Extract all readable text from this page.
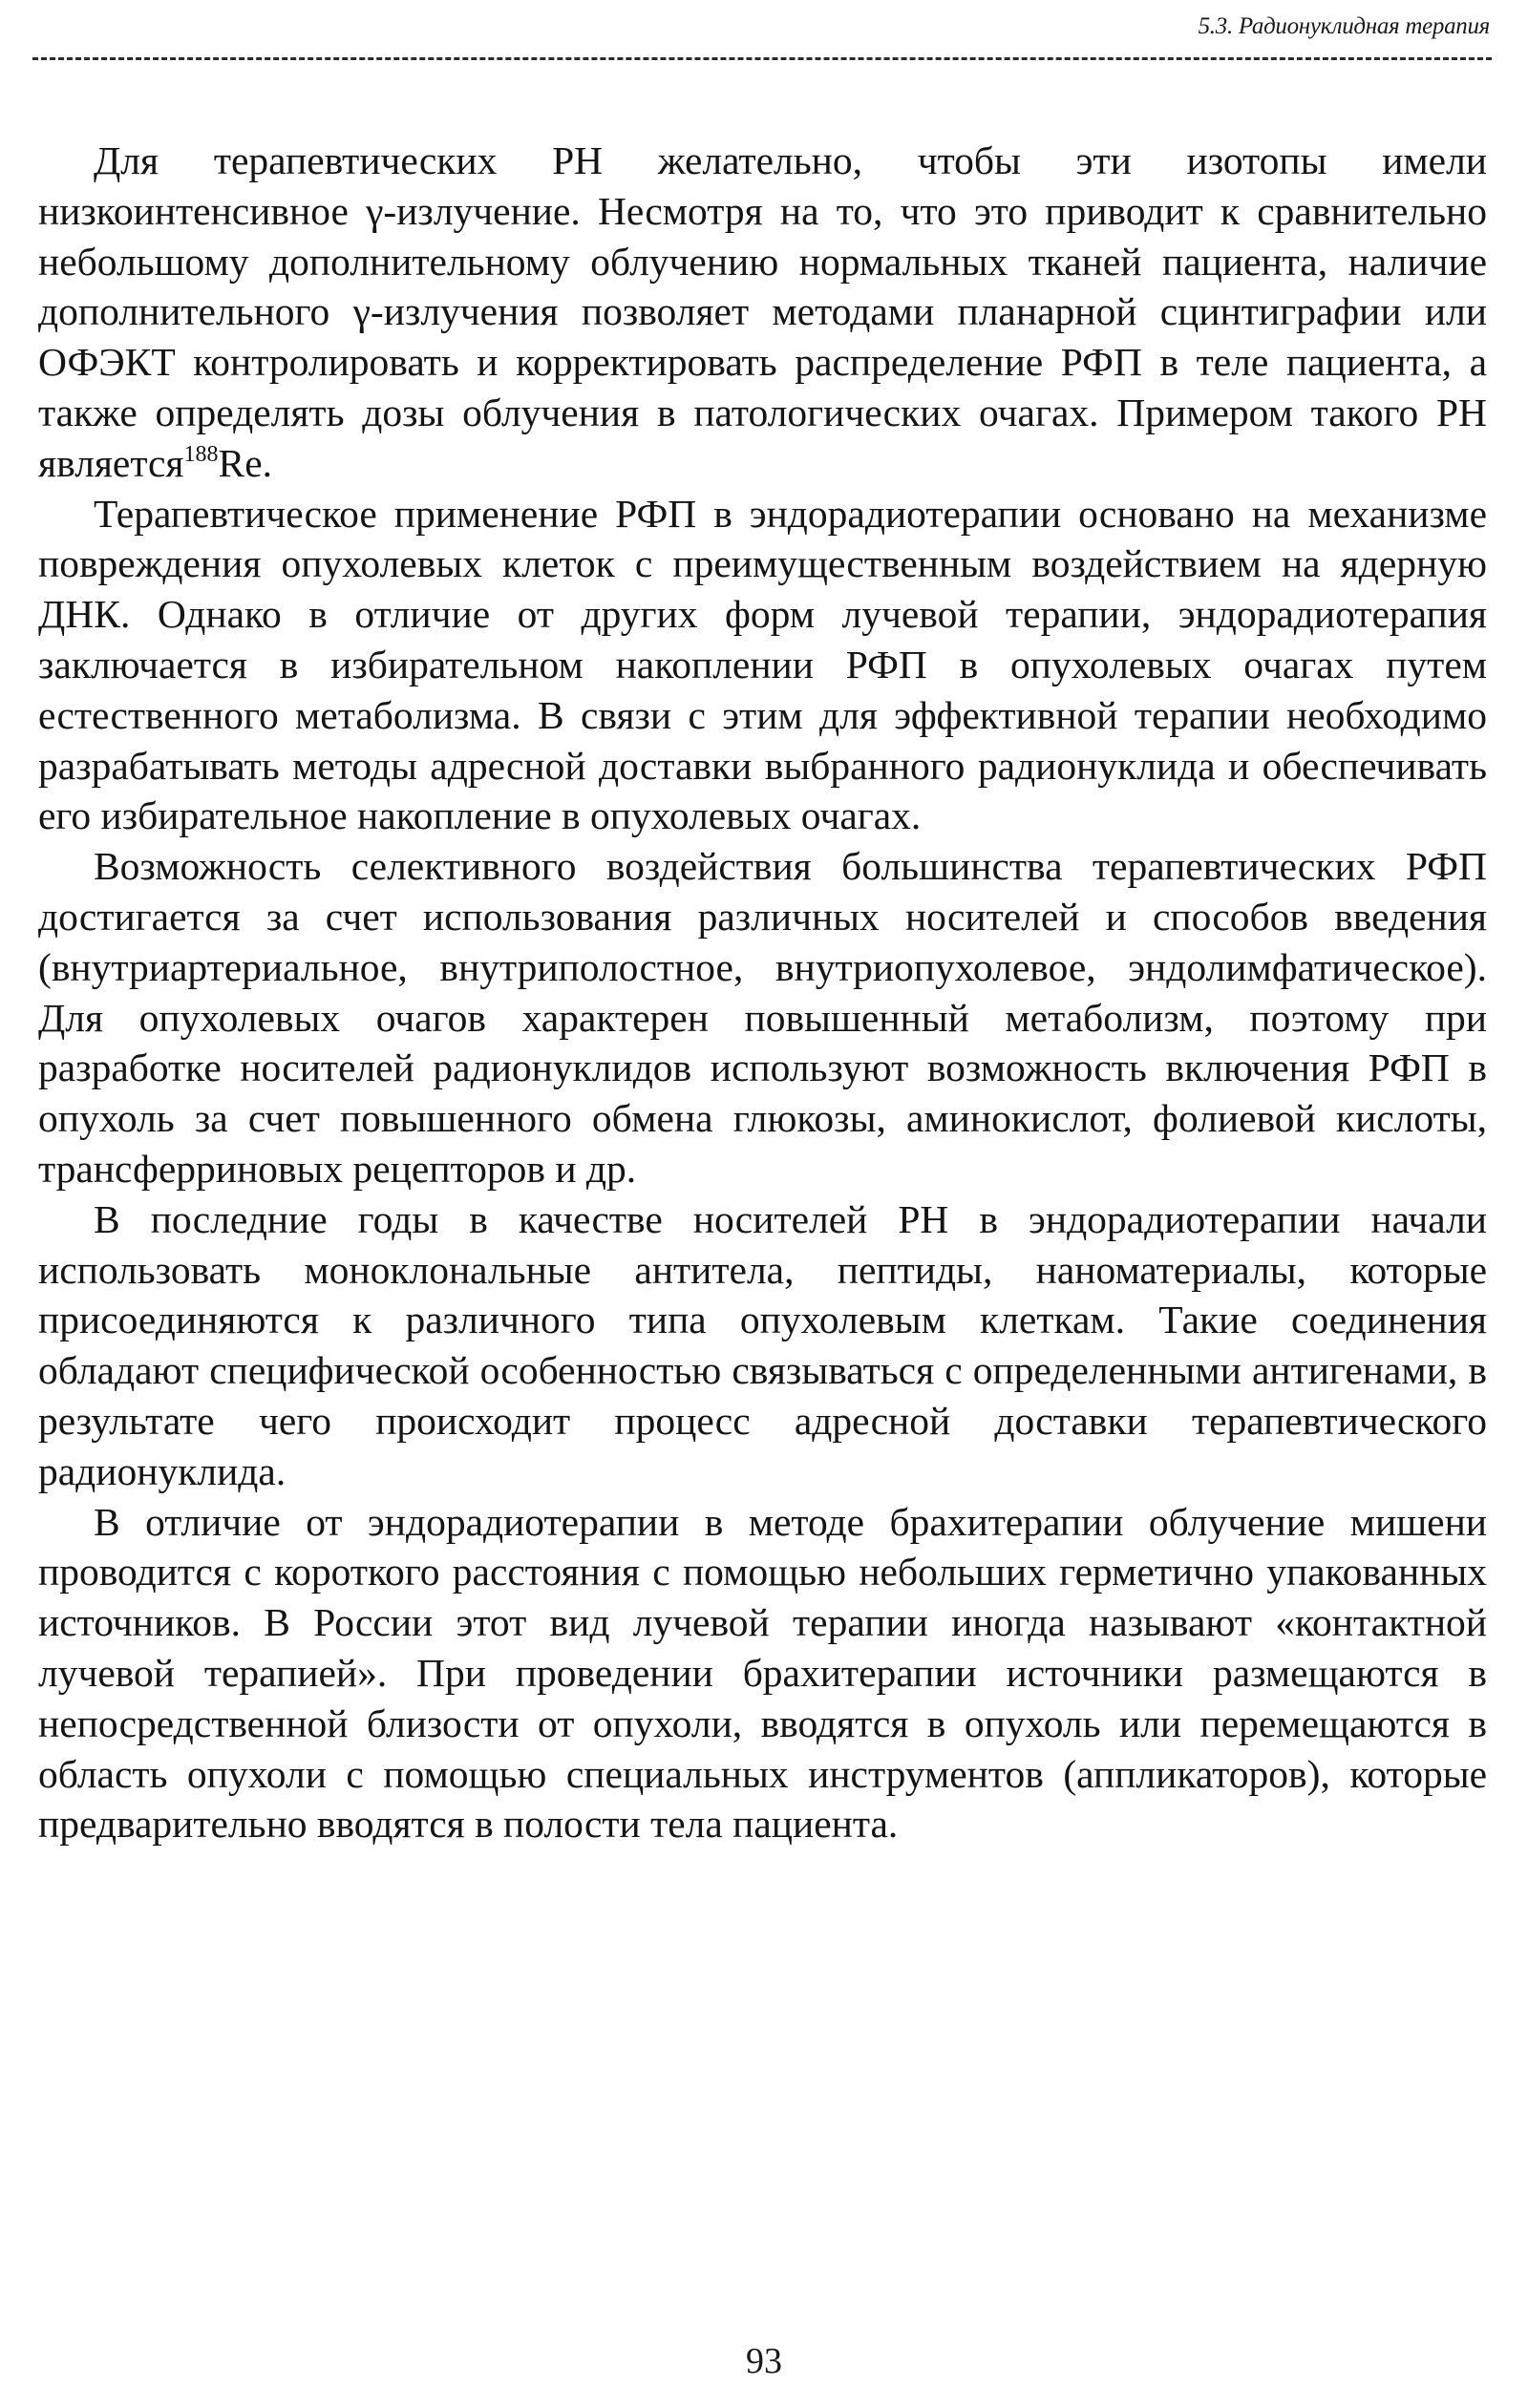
5.3. Радионуклидная терапия

Для терапевтических РН желательно, чтобы эти изотопы имели низкоинтенсивное γ-излучение. Несмотря на то, что это приводит к сравнительно небольшому дополнительному облучению нормальных тканей пациента, наличие дополнительного γ-излучения позволяет методами планарной сцинтиграфии или ОФЭКТ контролировать и корректировать распределение РФП в теле пациента, а также определять дозы облучения в патологических очагах. Примером такого РН является$^{188}$Re.

Терапевтическое применение РФП в эндорадиотерапии основано на механизме повреждения опухолевых клеток с преимущественным воздействием на ядерную ДНК. Однако в отличие от других форм лучевой терапии, эндорадиотерапия заключается в избирательном накоплении РФП в опухолевых очагах путем естественного метаболизма. В связи с этим для эффективной терапии необходимо разрабатывать методы адресной доставки выбранного радионуклида и обеспечивать его избирательное накопление в опухолевых очагах.

Возможность селективного воздействия большинства терапевтических РФП достигается за счет использования различных носителей и способов введения (внутриартериальное, внутриполостное, внутриопухолевое, эндолимфатическое). Для опухолевых очагов характерен повышенный метаболизм, поэтому при разработке носителей радионуклидов используют возможность включения РФП в опухоль за счет повышенного обмена глюкозы, аминокислот, фолиевой кислоты, трансферриновых рецепторов и др.

В последние годы в качестве носителей РН в эндорадиотерапии начали использовать моноклональные антитела, пептиды, наноматериалы, которые присоединяются к различного типа опухолевым клеткам. Такие соединения обладают специфической особенностью связываться с определенными антигенами, в результате чего происходит процесс адресной доставки терапевтического радионуклида.

В отличие от эндорадиотерапии в методе брахитерапии облучение мишени проводится с короткого расстояния с помощью небольших герметично упакованных источников. В России этот вид лучевой терапии иногда называют «контактной лучевой терапией». При проведении брахитерапии источники размещаются в непосредственной близости от опухоли, вводятся в опухоль или перемещаются в область опухоли с помощью специальных инструментов (аппликаторов), которые предварительно вводятся в полости тела пациента.

93
